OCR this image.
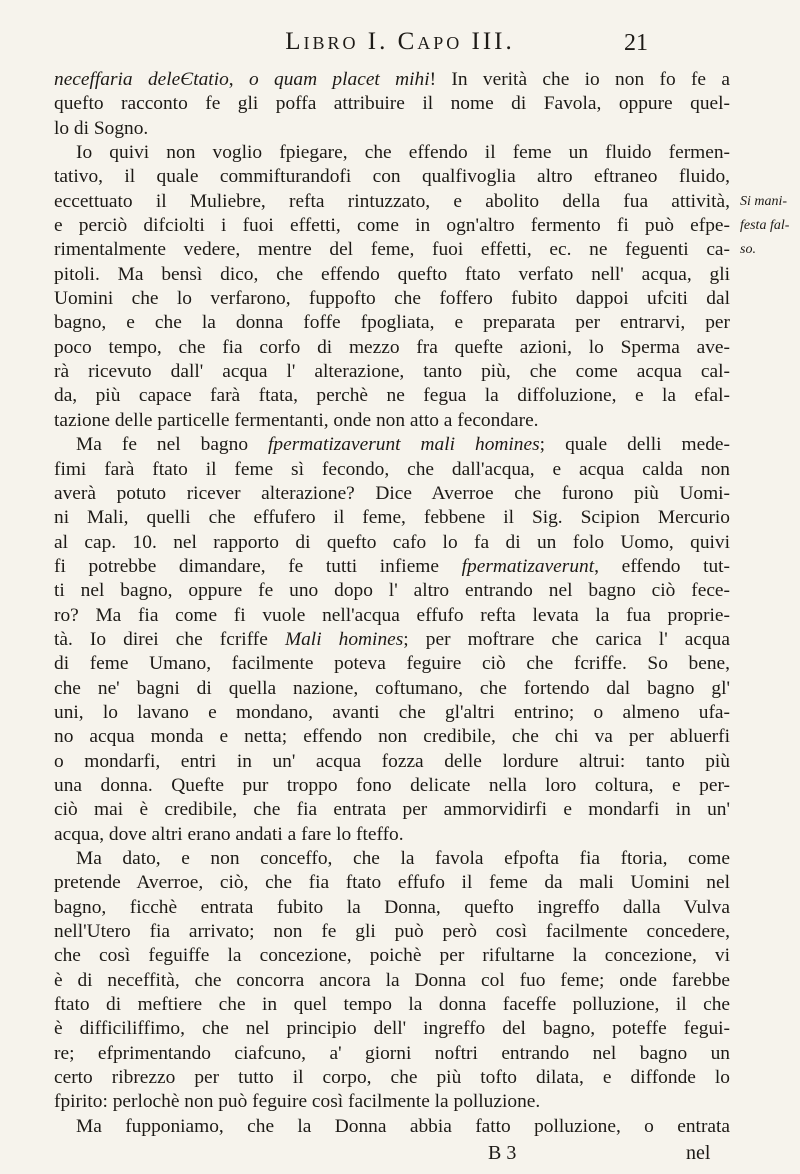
Libro I. Capo III.	21
Si mani-
festa fal-
so.
neceffaria deleЄtatio, o quam placet mihi! In verità che io non fo fe a
quefto racconto fe gli poffa attribuire il nome di Favola, oppure quel-
lo di Sogno.
Io quivi non voglio fpiegare, che effendo il feme un fluido fermen-
tativo, il quale commifturandofi con qualfivoglia altro eftraneo fluido,
eccettuato il Muliebre, refta rintuzzato, e abolito della fua attività,
e perciò difciolti i fuoi effetti, come in ogn'altro fermento fi può efpe-
rimentalmente vedere, mentre del feme, fuoi effetti, ec. ne feguenti ca-
pitoli. Ma bensì dico, che effendo quefto ftato verfato nell' acqua, gli
Uomini che lo verfarono, fuppofto che foffero fubito dappoi ufciti dal
bagno, e che la donna foffe fpogliata, e preparata per entrarvi, per
poco tempo, che fia corfo di mezzo fra quefte azioni, lo Sperma ave-
rà ricevuto dall' acqua l' alterazione, tanto più, che come acqua cal-
da, più capace farà ftata, perchè ne fegua la diffoluzione, e la efal-
tazione delle particelle fermentanti, onde non atto a fecondare.
Ma fe nel bagno fpermatizaverunt mali homines; quale delli mede-
fimi farà ftato il feme sì fecondo, che dall'acqua, e acqua calda non
averà potuto ricever alterazione? Dice Averroe che furono più Uomi-
ni Mali, quelli che effufero il feme, febbene il Sig. Scipion Mercurio
al cap. 10. nel rapporto di quefto cafo lo fa di un folo Uomo, quivi
fi potrebbe dimandare, fe tutti infieme fpermatizaverunt, effendo tut-
ti nel bagno, oppure fe uno dopo l' altro entrando nel bagno ciò fece-
ro? Ma fia come fi vuole nell'acqua effufo refta levata la fua proprie-
tà. Io direi che fcriffe Mali homines; per moftrare che carica l' acqua
di feme Umano, facilmente poteva feguire ciò che fcriffe. So bene,
che ne' bagni di quella nazione, coftumano, che fortendo dal bagno gl'
uni, lo lavano e mondano, avanti che gl'altri entrino; o almeno ufa-
no acqua monda e netta; effendo non credibile, che chi va per abluerfi
o mondarfi, entri in un' acqua fozza delle lordure altrui: tanto più
una donna. Quefte pur troppo fono delicate nella loro coltura, e per-
ciò mai è credibile, che fia entrata per ammorvidirfi e mondarfi in un'
acqua, dove altri erano andati a fare lo fteffo.
Ma dato, e non conceffo, che la favola efpofta fia ftoria, come
pretende Averroe, ciò, che fia ftato effufo il feme da mali Uomini nel
bagno, ficchè entrata fubito la Donna, quefto ingreffo dalla Vulva
nell'Utero fia arrivato; non fe gli può però così facilmente concedere,
che così feguiffe la concezione, poichè per rifultarne la concezione, vi
è di neceffità, che concorra ancora la Donna col fuo feme; onde farebbe
ftato di meftiere che in quel tempo la donna faceffe polluzione, il che
è difficiliffimo, che nel principio dell' ingreffo del bagno, poteffe fegui-
re; efprimentando ciafcuno, a' giorni noftri entrando nel bagno un
certo ribrezzo per tutto il corpo, che più tofto dilata, e diffonde lo
fpirito: perlochè non può feguire così facilmente la polluzione.
Ma fupponiamo, che la Donna abbia fatto polluzione, o entrata
B 3	nel
